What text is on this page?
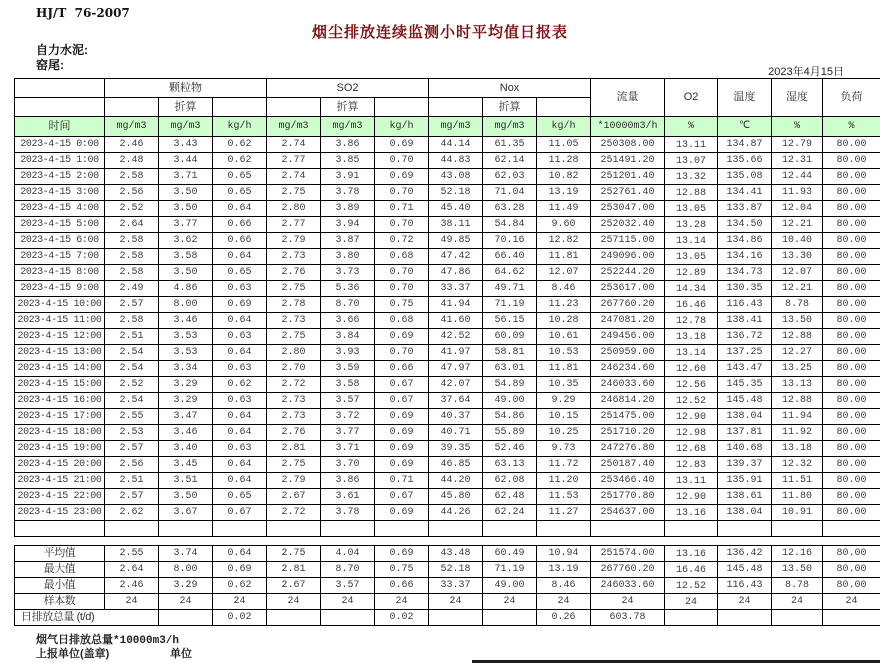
HJ/T  76-2007
烟尘排放连续监测小时平均值日报表
自力水泥:
窑尾:	2023年4月15日
	颗粒物			SO2			Nox			流量	O2	温度	湿度	负荷
		折算			折算			折算						
时间	mg/m3	mg/m3	kg/h	mg/m3	mg/m3	kg/h	mg/m3	mg/m3	kg/h	*10000m3/h	%	℃	%	%
2023-4-15 0:00	2.46	3.43	0.62	2.74	3.86	0.69	44.14	61.35	11.05	250308.00	13.11	134.87	12.79	80.00
2023-4-15 1:00	2.48	3.44	0.62	2.77	3.85	0.70	44.83	62.14	11.28	251491.20	13.07	135.66	12.31	80.00
2023-4-15 2:00	2.58	3.71	0.65	2.74	3.91	0.69	43.08	62.03	10.82	251201.40	13.32	135.08	12.44	80.00
2023-4-15 3:00	2.56	3.50	0.65	2.75	3.78	0.70	52.18	71.04	13.19	252761.40	12.88	134.41	11.93	80.00
2023-4-15 4:00	2.52	3.50	0.64	2.80	3.89	0.71	45.40	63.28	11.49	253047.00	13.05	133.87	12.04	80.00
2023-4-15 5:00	2.64	3.77	0.66	2.77	3.94	0.70	38.11	54.84	9.60	252032.40	13.28	134.50	12.21	80.00
2023-4-15 6:00	2.58	3.62	0.66	2.79	3.87	0.72	49.85	70.16	12.82	257115.00	13.14	134.86	10.40	80.00
2023-4-15 7:00	2.58	3.58	0.64	2.73	3.80	0.68	47.42	66.40	11.81	249096.00	13.05	134.16	13.30	80.00
2023-4-15 8:00	2.58	3.50	0.65	2.76	3.73	0.70	47.86	64.62	12.07	252244.20	12.89	134.73	12.07	80.00
2023-4-15 9:00	2.49	4.86	0.63	2.75	5.36	0.70	33.37	49.71	8.46	253617.00	14.34	130.35	12.21	80.00
2023-4-15 10:00	2.57	8.00	0.69	2.78	8.70	0.75	41.94	71.19	11.23	267760.20	16.46	116.43	8.78	80.00
2023-4-15 11:00	2.58	3.46	0.64	2.73	3.66	0.68	41.60	56.15	10.28	247081.20	12.78	138.41	13.50	80.00
2023-4-15 12:00	2.51	3.53	0.63	2.75	3.84	0.69	42.52	60.09	10.61	249456.00	13.18	136.72	12.88	80.00
2023-4-15 13:00	2.54	3.53	0.64	2.80	3.93	0.70	41.97	58.81	10.53	250959.00	13.14	137.25	12.27	80.00
2023-4-15 14:00	2.54	3.34	0.63	2.70	3.59	0.66	47.97	63.01	11.81	246234.60	12.60	143.47	13.25	80.00
2023-4-15 15:00	2.52	3.29	0.62	2.72	3.58	0.67	42.07	54.89	10.35	246033.60	12.56	145.35	13.13	80.00
2023-4-15 16:00	2.54	3.29	0.63	2.73	3.57	0.67	37.64	49.00	9.29	246814.20	12.52	145.48	12.88	80.00
2023-4-15 17:00	2.55	3.47	0.64	2.73	3.72	0.69	40.37	54.86	10.15	251475.00	12.90	138.04	11.94	80.00
2023-4-15 18:00	2.53	3.46	0.64	2.76	3.77	0.69	40.71	55.89	10.25	251710.20	12.98	137.81	11.92	80.00
2023-4-15 19:00	2.57	3.40	0.63	2.81	3.71	0.69	39.35	52.46	9.73	247276.80	12.68	140.68	13.18	80.00
2023-4-15 20:00	2.56	3.45	0.64	2.75	3.70	0.69	46.85	63.13	11.72	250187.40	12.83	139.37	12.32	80.00
2023-4-15 21:00	2.51	3.51	0.64	2.79	3.86	0.71	44.20	62.08	11.20	253466.40	13.11	135.91	11.51	80.00
2023-4-15 22:00	2.57	3.50	0.65	2.67	3.61	0.67	45.80	62.48	11.53	251770.80	12.90	138.61	11.80	80.00
2023-4-15 23:00	2.62	3.67	0.67	2.72	3.78	0.69	44.26	62.24	11.27	254637.00	13.16	138.04	10.91	80.00

平均值	2.55	3.74	0.64	2.75	4.04	0.69	43.48	60.49	10.94	251574.00	13.16	136.42	12.16	80.00
最大值	2.64	8.00	0.69	2.81	8.70	0.75	52.18	71.19	13.19	267760.20	16.46	145.48	13.50	80.00
最小值	2.46	3.29	0.62	2.67	3.57	0.66	33.37	49.00	8.46	246033.60	12.52	116.43	8.78	80.00
样本数	24	24	24	24	24	24	24	24	24	24	24	24	24	24
日排放总量 (t/d)			0.02			0.02			0.26	603.78				
烟气日排放总量*10000m3/h
上报单位(盖章)	单位
